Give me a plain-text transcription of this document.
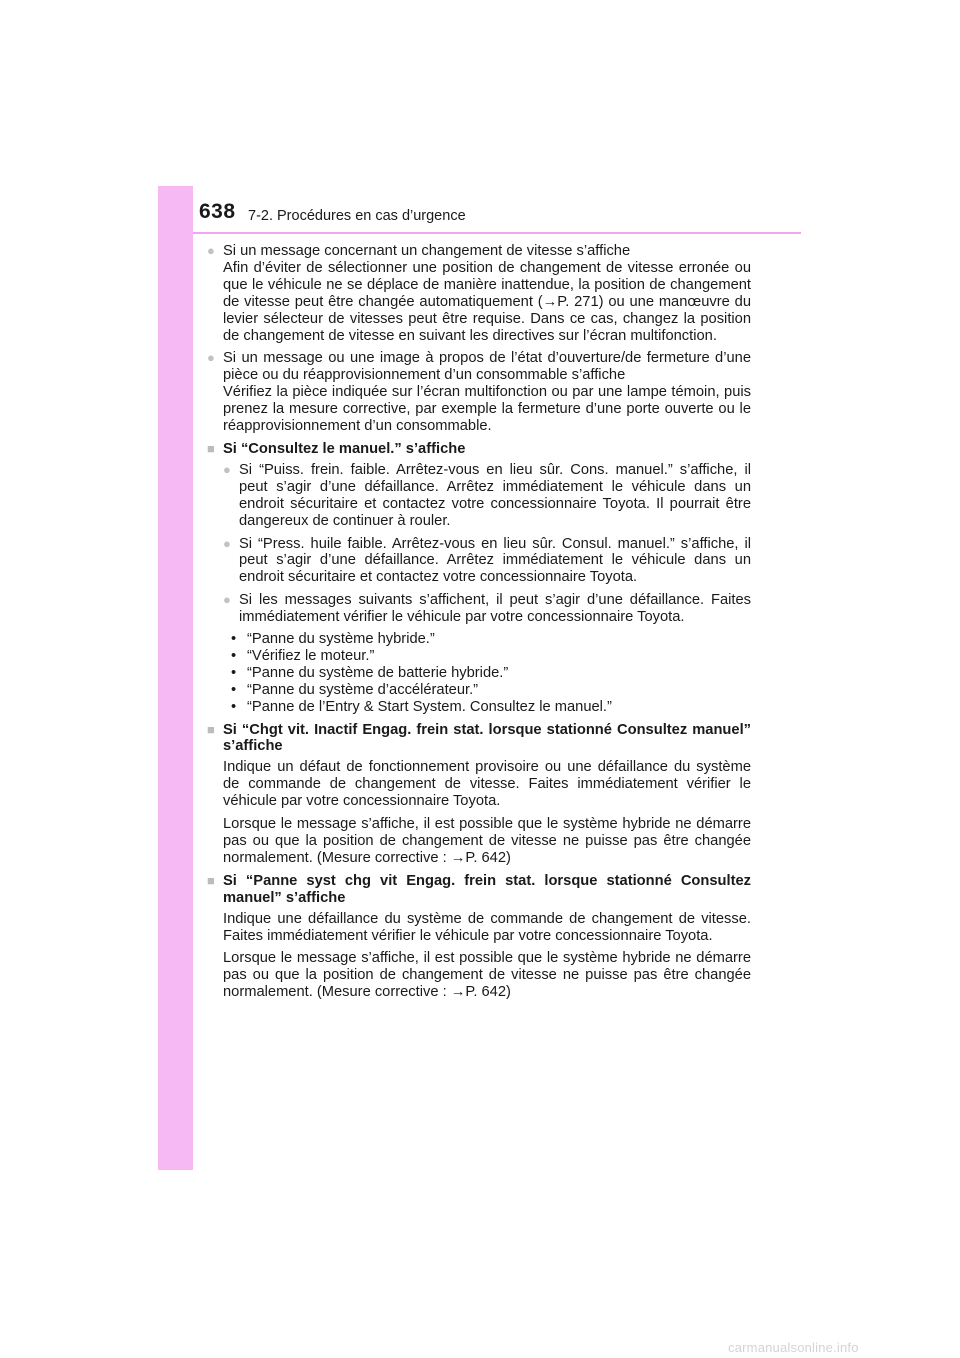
638 7-2. Procédures en cas d’urgence
● Si un message concernant un changement de vitesse s’affiche

Afin d’éviter de sélectionner une position de changement de vitesse erronée ou que le véhicule ne se déplace de manière inattendue, la position de changement de vitesse peut être changée automatiquement (→P. 271) ou une manœuvre du levier sélecteur de vitesses peut être requise. Dans ce cas, changez la position de changement de vitesse en suivant les directives sur l’écran multifonction.

● Si un message ou une image à propos de l’état d’ouverture/de fermeture d’une pièce ou du réapprovisionnement d’un consommable s’affiche

Vérifiez la pièce indiquée sur l’écran multifonction ou par une lampe témoin, puis prenez la mesure corrective, par exemple la fermeture d’une porte ouverte ou le réapprovisionnement d’un consommable.

■ Si “Consultez le manuel.” s’affiche
● Si “Puiss. frein. faible. Arrêtez-vous en lieu sûr. Cons. manuel.” s’affiche, il peut s’agir d’une défaillance. Arrêtez immédiatement le véhicule dans un endroit sécuritaire et contactez votre concessionnaire Toyota. Il pourrait être dangereux de continuer à rouler.

● Si “Press. huile faible. Arrêtez-vous en lieu sûr. Consul. manuel.” s’affiche, il peut s’agir d’une défaillance. Arrêtez immédiatement le véhicule dans un endroit sécuritaire et contactez votre concessionnaire Toyota.

● Si les messages suivants s’affichent, il peut s’agir d’une défaillance. Faites immédiatement vérifier le véhicule par votre concessionnaire Toyota.

• “Panne du système hybride.”
• “Vérifiez le moteur.”
• “Panne du système de batterie hybride.”
• “Panne du système d’accélérateur.”
• “Panne de l’Entry & Start System. Consultez le manuel.”
■ Si “Chgt vit. Inactif Engag. frein stat. lorsque stationné Consultez manuel” s’affiche

Indique un défaut de fonctionnement provisoire ou une défaillance du système de commande de changement de vitesse. Faites immédiatement vérifier le véhicule par votre concessionnaire Toyota.

Lorsque le message s’affiche, il est possible que le système hybride ne démarre pas ou que la position de changement de vitesse ne puisse pas être changée normalement. (Mesure corrective : →P. 642)

■ Si “Panne syst chg vit Engag. frein stat. lorsque stationné Consultez manuel” s’affiche

Indique une défaillance du système de commande de changement de vitesse. Faites immédiatement vérifier le véhicule par votre concessionnaire Toyota.

Lorsque le message s’affiche, il est possible que le système hybride ne démarre pas ou que la position de changement de vitesse ne puisse pas être changée normalement. (Mesure corrective : →P. 642)

carmanualsonline.info
